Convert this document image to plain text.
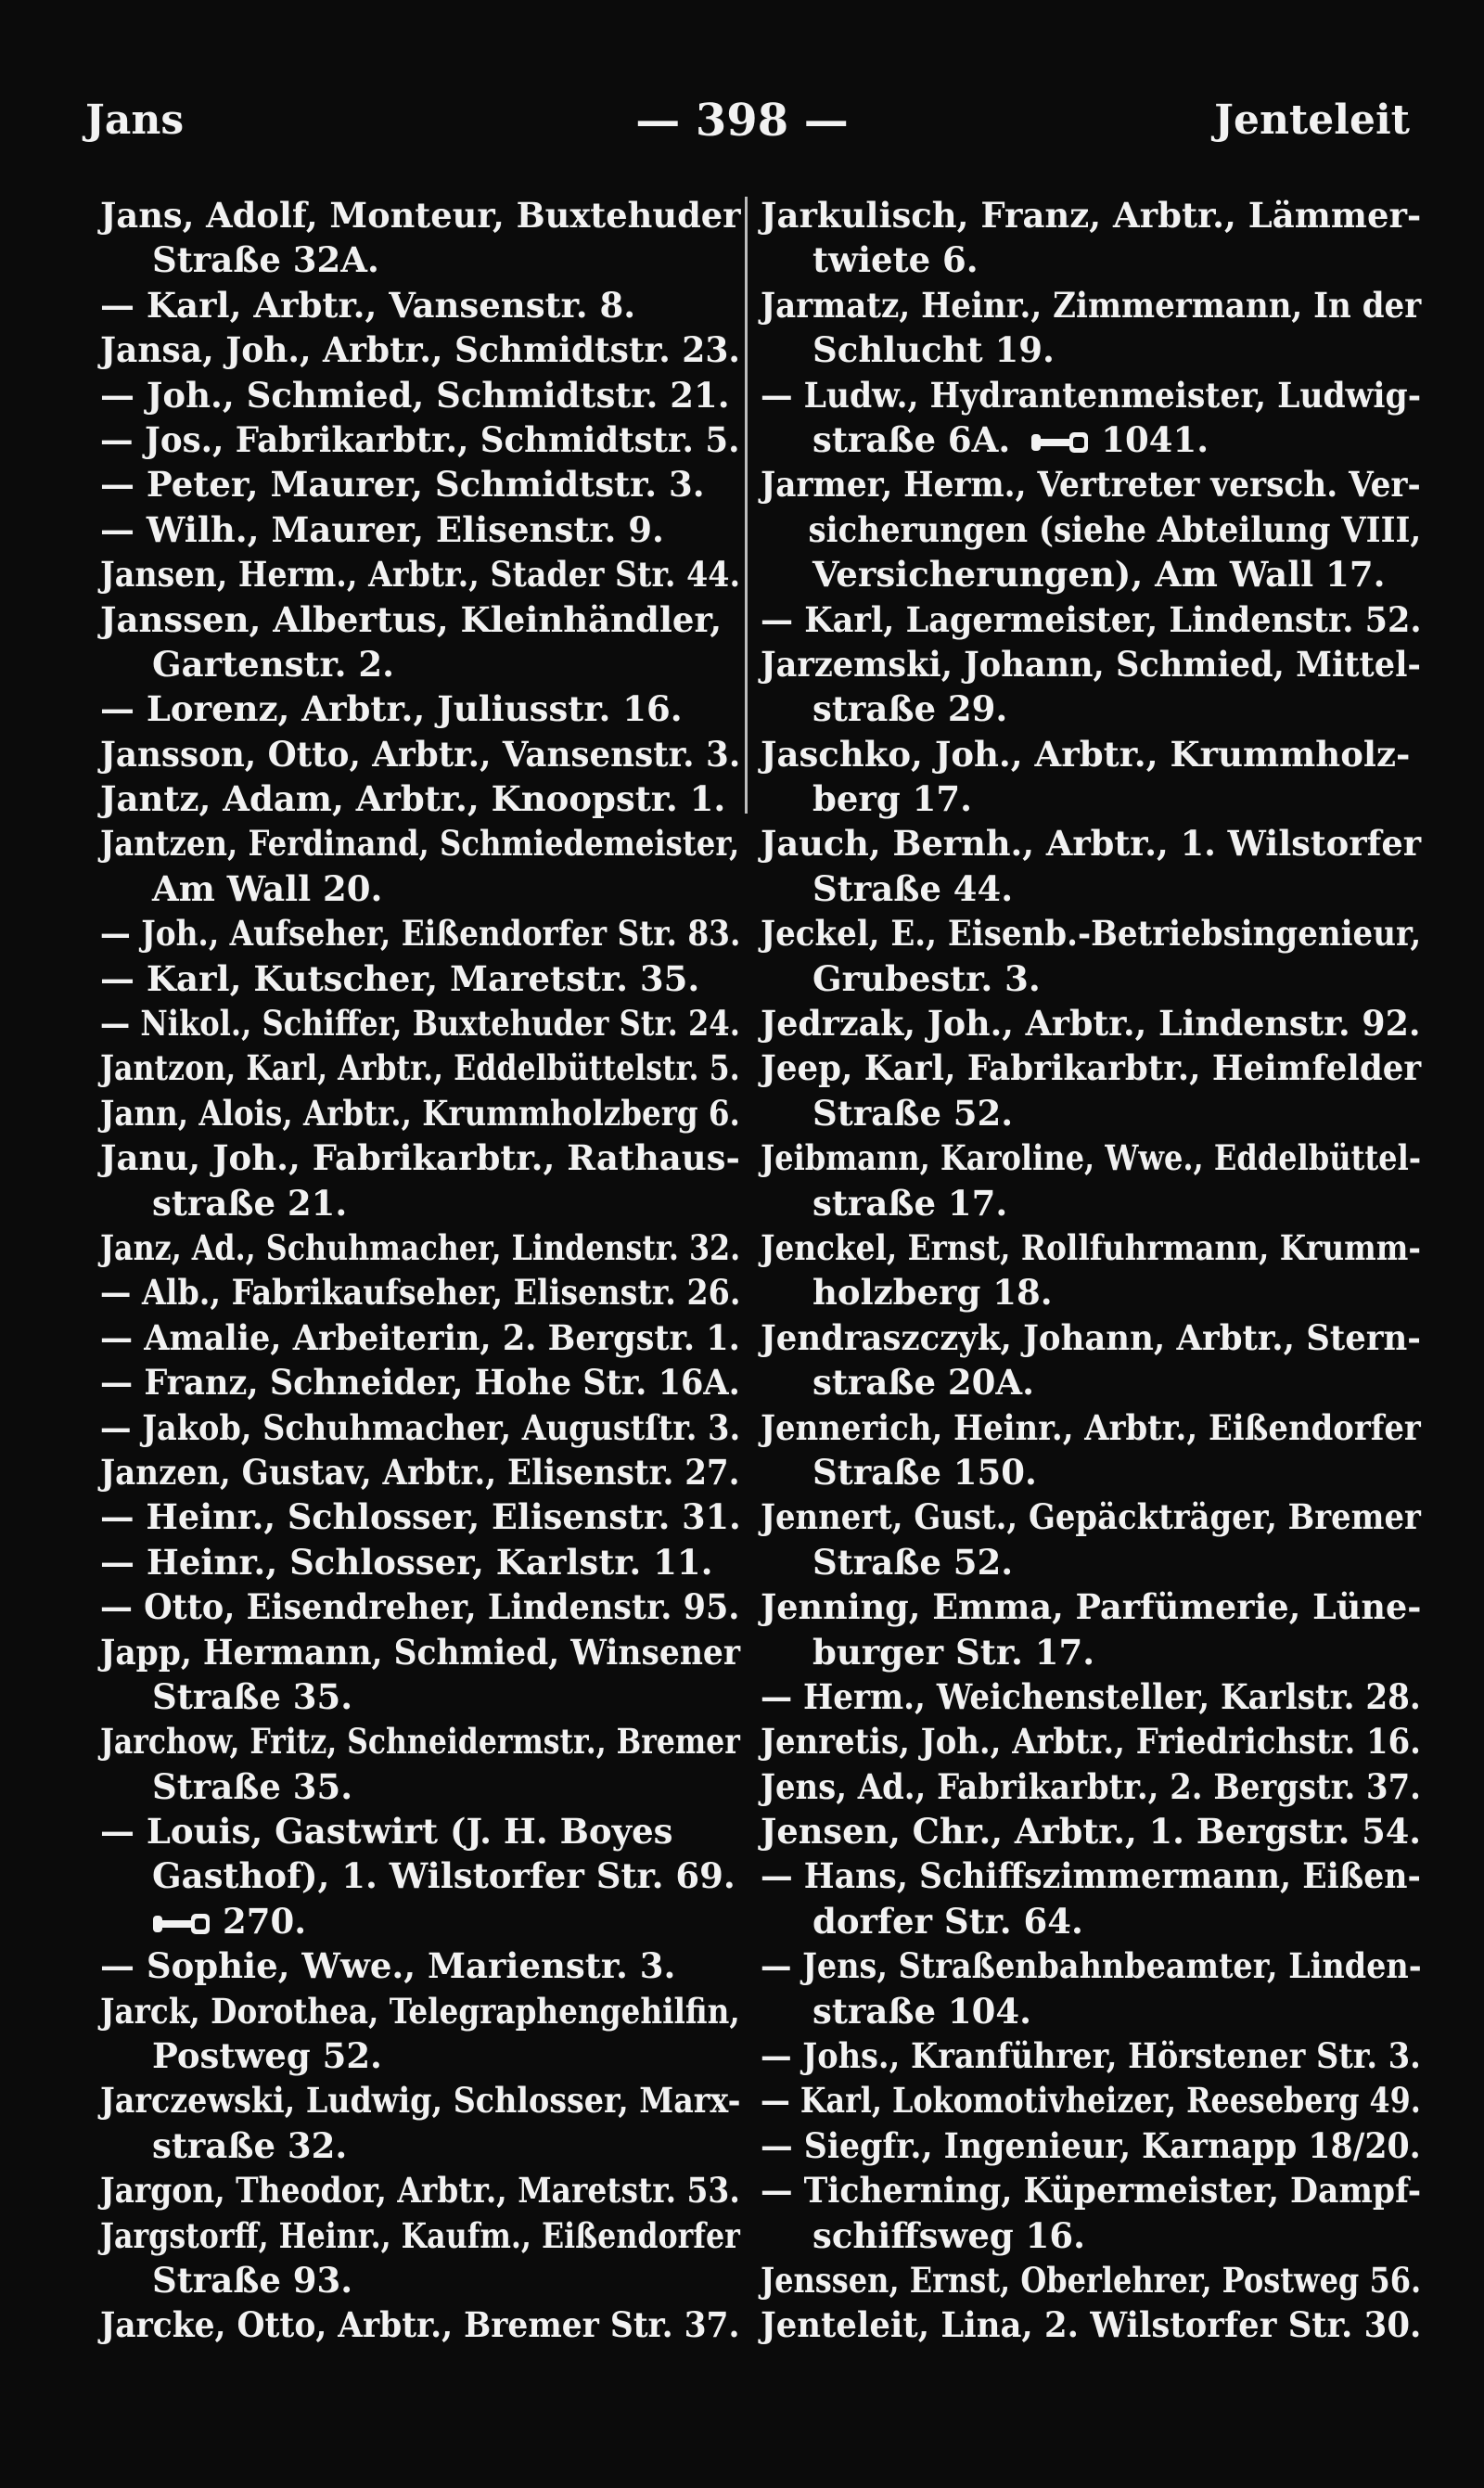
Jans	— 398 —	Jenteleit
Jans, Adolf, Monteur, Buxtehuder
Straße 32A.
— Karl, Arbtr., Vansenstr. 8.
Jansa, Joh., Arbtr., Schmidtstr. 23.
— Joh., Schmied, Schmidtstr. 21.
— Jos., Fabrikarbtr., Schmidtstr. 5.
— Peter, Maurer, Schmidtstr. 3.
— Wilh., Maurer, Elisenstr. 9.
Jansen, Herm., Arbtr., Stader Str. 44.
Janssen, Albertus, Kleinhändler,
Gartenstr. 2.
— Lorenz, Arbtr., Juliusstr. 16.
Jansson, Otto, Arbtr., Vansenstr. 3.
Jantz, Adam, Arbtr., Knoopstr. 1.
Jantzen, Ferdinand, Schmiedemeister,
Am Wall 20.
— Joh., Aufseher, Eißendorfer Str. 83.
— Karl, Kutscher, Maretstr. 35.
— Nikol., Schiffer, Buxtehuder Str. 24.
Jantzon, Karl, Arbtr., Eddelbüttelstr. 5.
Jann, Alois, Arbtr., Krummholzberg 6.
Janu, Joh., Fabrikarbtr., Rathaus-
straße 21.
Janz, Ad., Schuhmacher, Lindenstr. 32.
— Alb., Fabrikaufseher, Elisenstr. 26.
— Amalie, Arbeiterin, 2. Bergstr. 1.
— Franz, Schneider, Hohe Str. 16A.
— Jakob, Schuhmacher, Augustſtr. 3.
Janzen, Gustav, Arbtr., Elisenstr. 27.
— Heinr., Schlosser, Elisenstr. 31.
— Heinr., Schlosser, Karlstr. 11.
— Otto, Eisendreher, Lindenstr. 95.
Japp, Hermann, Schmied, Winsener
Straße 35.
Jarchow, Fritz, Schneidermstr., Bremer
Straße 35.
— Louis, Gastwirt (J. H. Boyes
Gasthof), 1. Wilstorfer Str. 69.
270.
— Sophie, Wwe., Marienstr. 3.
Jarck, Dorothea, Telegraphengehilfin,
Postweg 52.
Jarczewski, Ludwig, Schlosser, Marx-
straße 32.
Jargon, Theodor, Arbtr., Maretstr. 53.
Jargstorff, Heinr., Kaufm., Eißendorfer
Straße 93.
Jarcke, Otto, Arbtr., Bremer Str. 37.
Jarkulisch, Franz, Arbtr., Lämmer-
twiete 6.
Jarmatz, Heinr., Zimmermann, In der
Schlucht 19.
— Ludw., Hydrantenmeister, Ludwig-
straße 6A.	1041.
Jarmer, Herm., Vertreter versch. Ver-
sicherungen (siehe Abteilung VIII,
Versicherungen), Am Wall 17.
— Karl, Lagermeister, Lindenstr. 52.
Jarzemski, Johann, Schmied, Mittel-
straße 29.
Jaschko, Joh., Arbtr., Krummholz-
berg 17.
Jauch, Bernh., Arbtr., 1. Wilstorfer
Straße 44.
Jeckel, E., Eisenb.-Betriebsingenieur,
Grubestr. 3.
Jedrzak, Joh., Arbtr., Lindenstr. 92.
Jeep, Karl, Fabrikarbtr., Heimfelder
Straße 52.
Jeibmann, Karoline, Wwe., Eddelbüttel-
straße 17.
Jenckel, Ernst, Rollfuhrmann, Krumm-
holzberg 18.
Jendraszczyk, Johann, Arbtr., Stern-
straße 20A.
Jennerich, Heinr., Arbtr., Eißendorfer
Straße 150.
Jennert, Gust., Gepäckträger, Bremer
Straße 52.
Jenning, Emma, Parfümerie, Lüne-
burger Str. 17.
— Herm., Weichensteller, Karlstr. 28.
Jenretis, Joh., Arbtr., Friedrichstr. 16.
Jens, Ad., Fabrikarbtr., 2. Bergstr. 37.
Jensen, Chr., Arbtr., 1. Bergstr. 54.
— Hans, Schiffszimmermann, Eißen-
dorfer Str. 64.
— Jens, Straßenbahnbeamter, Linden-
straße 104.
— Johs., Kranführer, Hörstener Str. 3.
— Karl, Lokomotivheizer, Reeseberg 49.
— Siegfr., Ingenieur, Karnapp 18/20.
— Ticherning, Küpermeister, Dampf-
schiffsweg 16.
Jenssen, Ernst, Oberlehrer, Postweg 56.
Jenteleit, Lina, 2. Wilstorfer Str. 30.
